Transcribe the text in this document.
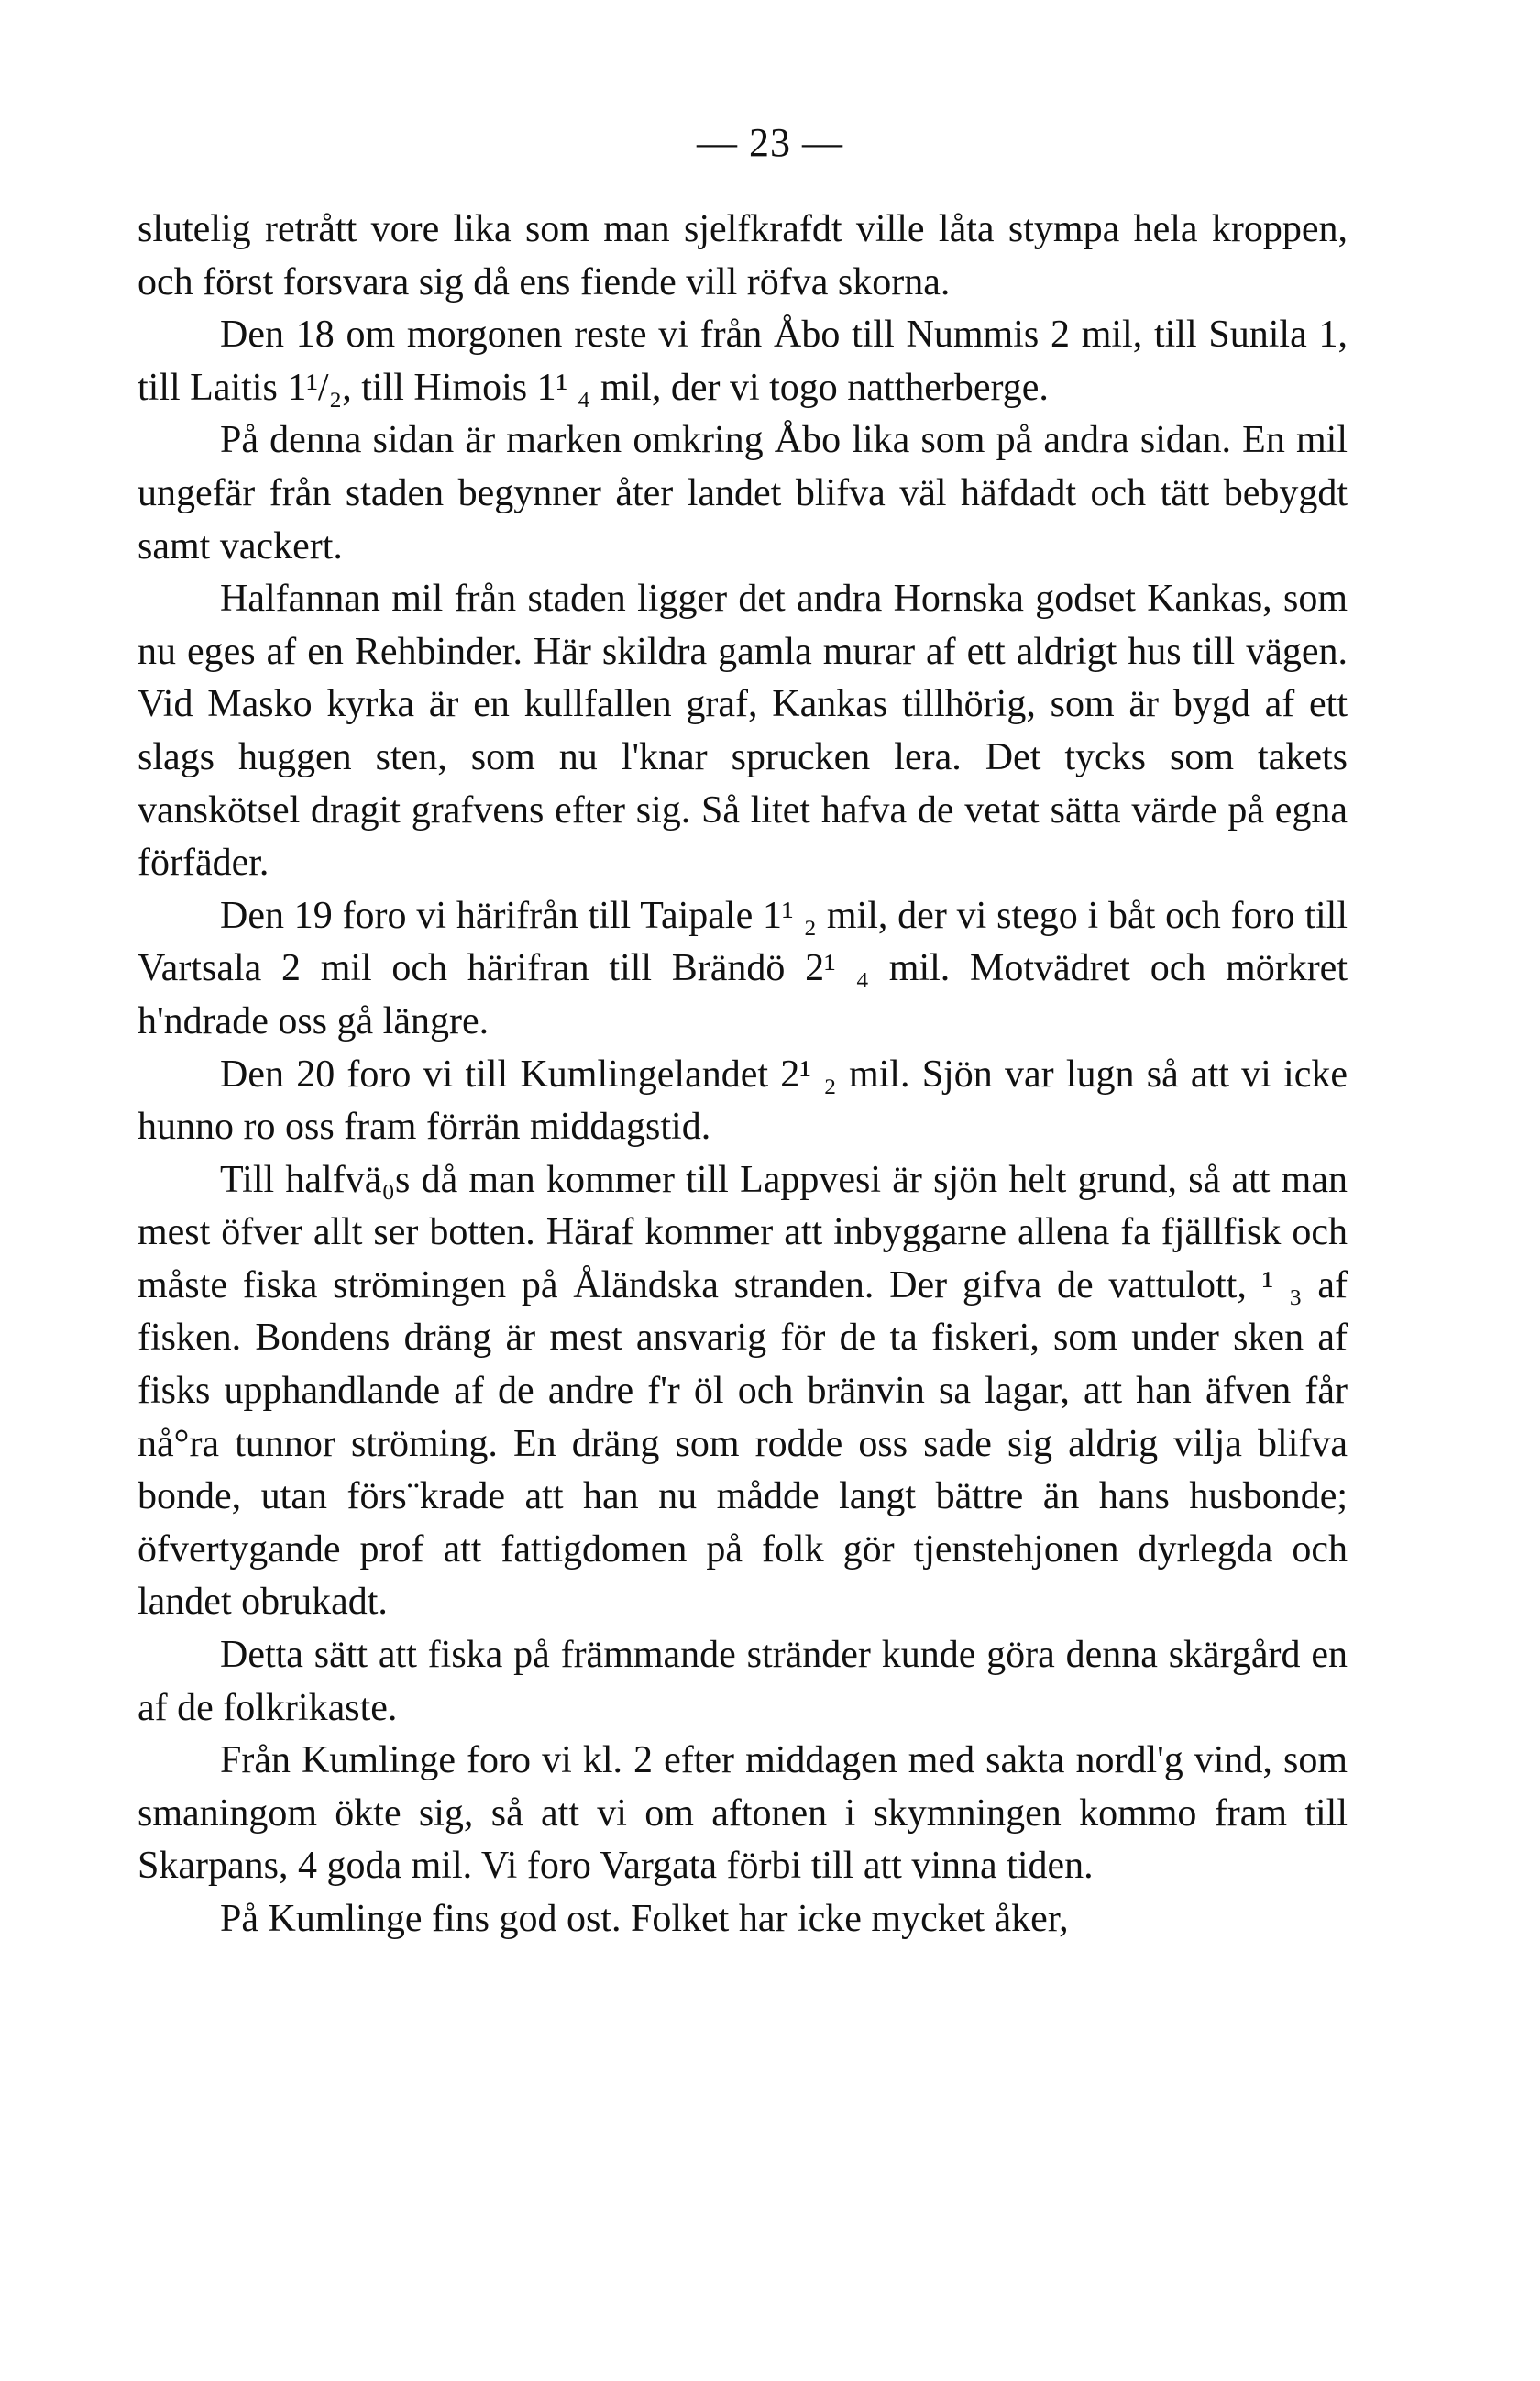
— 23 —

slutelig retrått vore lika som man sjelfkrafdt ville låta stympa hela kroppen, och först forsvara sig då ens fiende vill röfva skorna.

Den 18 om morgonen reste vi från Åbo till Nummis 2 mil, till Sunila 1, till Laitis 1¹/₂, till Himois 1¹ ₄ mil, der vi togo nattherberge.

På denna sidan är marken omkring Åbo lika som på andra sidan. En mil ungefär från staden begynner åter landet blifva väl häfdadt och tätt bebygdt samt vackert.

Halfannan mil från staden ligger det andra Hornska godset Kankas, som nu eges af en Rehbinder. Här skildra gamla murar af ett aldrigt hus till vägen. Vid Masko kyrka är en kullfallen graf, Kankas tillhörig, som är bygd af ett slags huggen sten, som nu l'knar sprucken lera. Det tycks som takets vanskötsel dragit grafvens efter sig. Så litet hafva de vetat sätta värde på egna förfäder.

Den 19 foro vi härifrån till Taipale 1¹ ₂ mil, der vi stego i båt och foro till Vartsala 2 mil och härifran till Brändö 2¹ ₄ mil. Motvädret och mörkret h'ndrade oss gå längre.

Den 20 foro vi till Kumlingelandet 2¹ ₂ mil. Sjön var lugn så att vi icke hunno ro oss fram förrän middagstid.

Till halfvä₀s då man kommer till Lappvesi är sjön helt grund, så att man mest öfver allt ser botten. Häraf kommer att inbyggarne allena fa fjällfisk och måste fiska strömingen på Åländska stranden. Der gifva de vattulott, ¹ ₃ af fisken. Bondens dräng är mest ansvarig för de ta fiskeri, som under sken af fisks upphandlande af de andre f'r öl och bränvin sa lagar, att han äfven får nå°ra tunnor ströming. En dräng som rodde oss sade sig aldrig vilja blifva bonde, utan förs¨krade att han nu mådde langt bättre än hans husbonde; öfvertygande prof att fattigdomen på folk gör tjenstehjonen dyrlegda och landet obrukadt.

Detta sätt att fiska på främmande stränder kunde göra denna skärgård en af de folkrikaste.

Från Kumlinge foro vi kl. 2 efter middagen med sakta nordl'g vind, som smaningom ökte sig, så att vi om aftonen i skymningen kommo fram till Skarpans, 4 goda mil. Vi foro Vargata förbi till att vinna tiden.

På Kumlinge fins god ost. Folket har icke mycket åker,
